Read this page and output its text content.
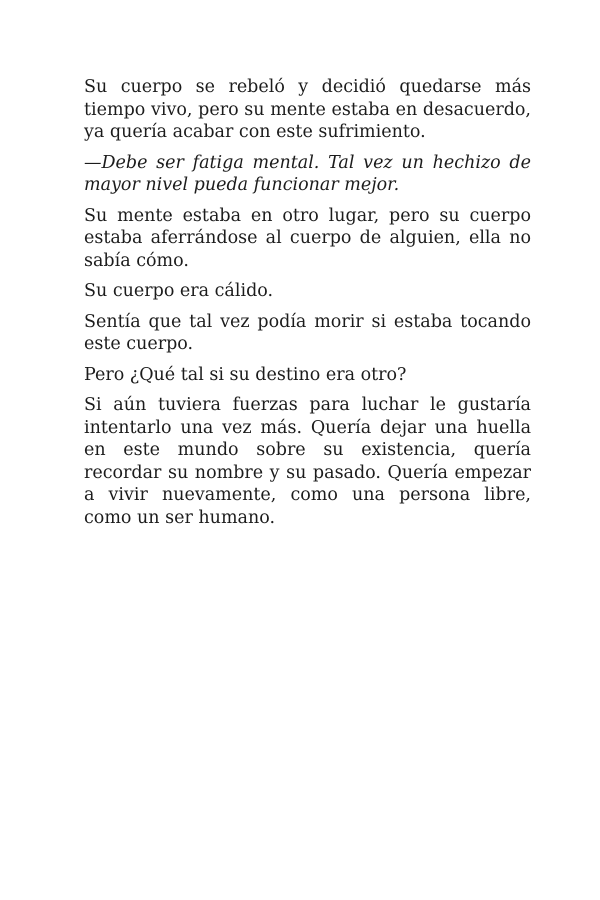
Su cuerpo se rebeló y decidió quedarse más tiempo vivo, pero su mente estaba en desacuerdo, ya quería acabar con este sufrimiento.

—Debe ser fatiga mental. Tal vez un hechizo de mayor nivel pueda funcionar mejor.

Su mente estaba en otro lugar, pero su cuerpo estaba aferrándose al cuerpo de alguien, ella no sabía cómo.

Su cuerpo era cálido.

Sentía que tal vez podía morir si estaba tocando este cuerpo.

Pero ¿Qué tal si su destino era otro?

Si aún tuviera fuerzas para luchar le gustaría intentarlo una vez más. Quería dejar una huella en este mundo sobre su existencia, quería recordar su nombre y su pasado. Quería empezar a vivir nuevamente, como una persona libre, como un ser humano.
